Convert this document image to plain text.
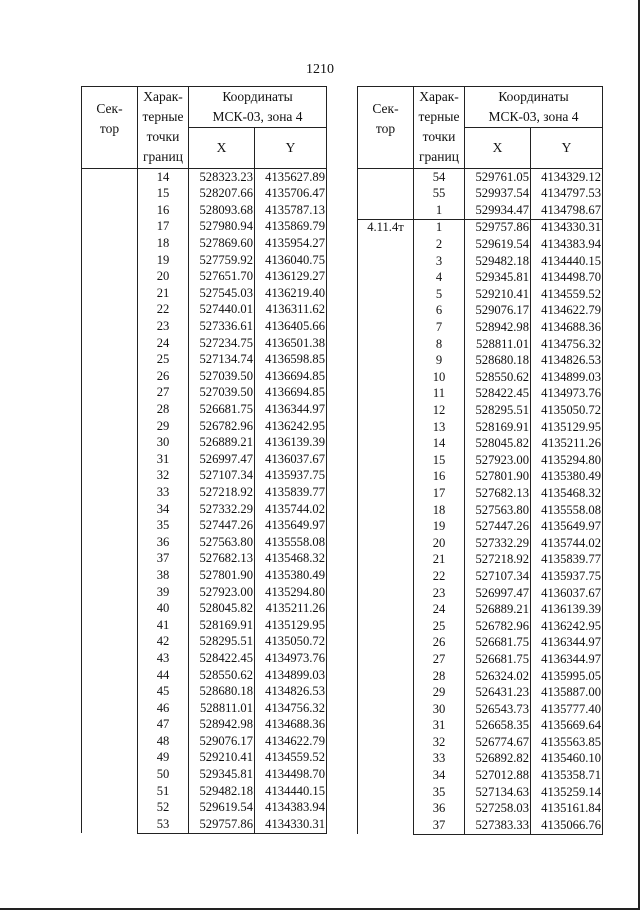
1210
Сек-
тор	Харак-
терные
точки
границ	Координаты
МСК-03, зона 4	

		X	Y

	14	528323.23	4135627.89
	15	528207.66	4135706.47
	16	528093.68	4135787.13
	17	527980.94	4135869.79
	18	527869.60	4135954.27
	19	527759.92	4136040.75
	20	527651.70	4136129.27
	21	527545.03	4136219.40
	22	527440.01	4136311.62
	23	527336.61	4136405.66
	24	527234.75	4136501.38
	25	527134.74	4136598.85
	26	527039.50	4136694.85
	27	527039.50	4136694.85
	28	526681.75	4136344.97
	29	526782.96	4136242.95
	30	526889.21	4136139.39
	31	526997.47	4136037.67
	32	527107.34	4135937.75
	33	527218.92	4135839.77
	34	527332.29	4135744.02
	35	527447.26	4135649.97
	36	527563.80	4135558.08
	37	527682.13	4135468.32
	38	527801.90	4135380.49
	39	527923.00	4135294.80
	40	528045.82	4135211.26
	41	528169.91	4135129.95
	42	528295.51	4135050.72
	43	528422.45	4134973.76
	44	528550.62	4134899.03
	45	528680.18	4134826.53
	46	528811.01	4134756.32
	47	528942.98	4134688.36
	48	529076.17	4134622.79
	49	529210.41	4134559.52
	50	529345.81	4134498.70
	51	529482.18	4134440.15
	52	529619.54	4134383.94
	53	529757.86	4134330.31
Сек-
тор	Харак-
терные
точки
границ	Координаты
МСК-03, зона 4	

		X	Y

	54	529761.05	4134329.12
	55	529937.54	4134797.53
	1	529934.47	4134798.67
4.11.4т	1	529757.86	4134330.31
	2	529619.54	4134383.94
	3	529482.18	4134440.15
	4	529345.81	4134498.70
	5	529210.41	4134559.52
	6	529076.17	4134622.79
	7	528942.98	4134688.36
	8	528811.01	4134756.32
	9	528680.18	4134826.53
	10	528550.62	4134899.03
	11	528422.45	4134973.76
	12	528295.51	4135050.72
	13	528169.91	4135129.95
	14	528045.82	4135211.26
	15	527923.00	4135294.80
	16	527801.90	4135380.49
	17	527682.13	4135468.32
	18	527563.80	4135558.08
	19	527447.26	4135649.97
	20	527332.29	4135744.02
	21	527218.92	4135839.77
	22	527107.34	4135937.75
	23	526997.47	4136037.67
	24	526889.21	4136139.39
	25	526782.96	4136242.95
	26	526681.75	4136344.97
	27	526681.75	4136344.97
	28	526324.02	4135995.05
	29	526431.23	4135887.00
	30	526543.73	4135777.40
	31	526658.35	4135669.64
	32	526774.67	4135563.85
	33	526892.82	4135460.10
	34	527012.88	4135358.71
	35	527134.63	4135259.14
	36	527258.03	4135161.84
	37	527383.33	4135066.76
